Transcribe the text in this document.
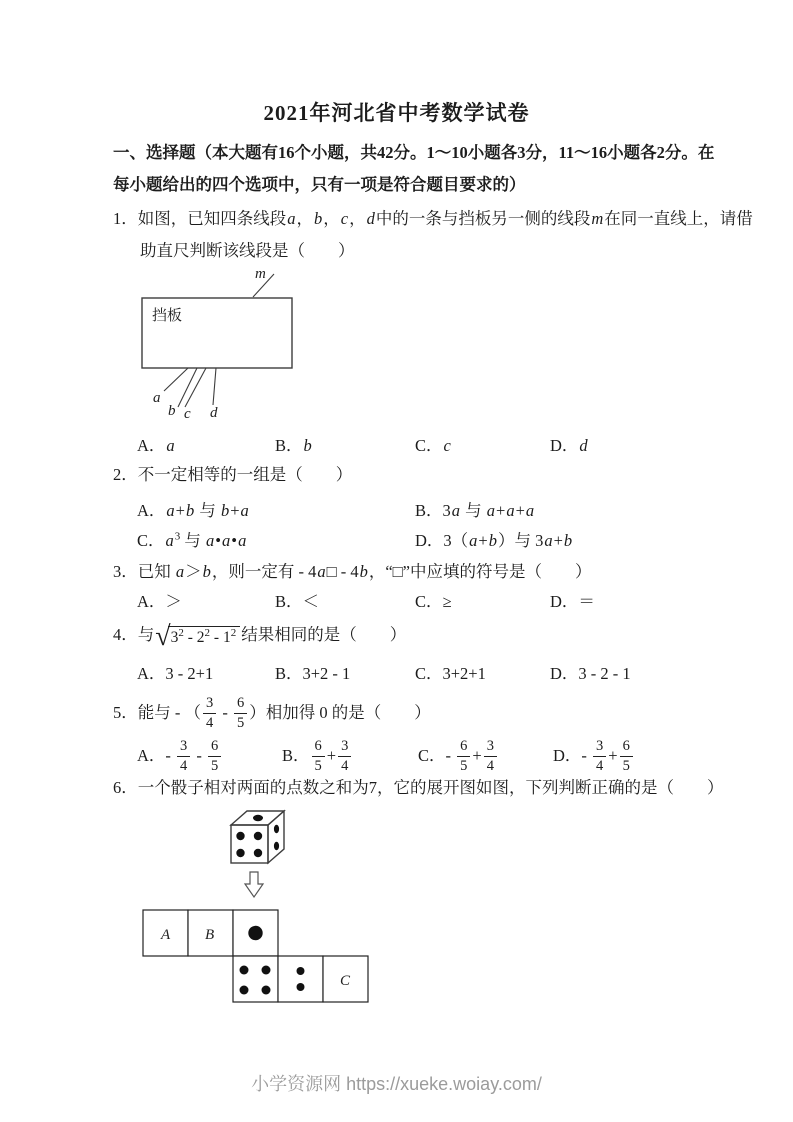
2021年河北省中考数学试卷
一、选择题（本大题有16个小题，共42分。1～10小题各3分，11～16小题各2分。在
每小题给出的四个选项中，只有一项是符合题目要求的）
1．如图，已知四条线段a，b，c，d中的一条与挡板另一侧的线段m在同一直线上，请借
助直尺判断该线段是（　　）
挡板
m
a
b c d
A．a	B．b	C．c	D．d
2．不一定相等的一组是（　　）
A．a+b 与 b+a	B．3a 与 a+a+a
C．$a^3$ 与 a•a•a	D．3（a+b）与 3a+b
3．已知 a＞b，则一定有 - 4a□ - 4b，“□”中应填的符号是（　　）
A．＞	B．＜	C．≥	D．＝
4．与$√3^2 - 2^2 - 1^2$ 结果相同的是（　　）
A．3 - 2+1	B．3+2 - 1	C．3+2+1	D．3 - 2 - 1
5．能与 - （ $\frac{3}{4} - \frac{6}{5}$ ）相加得 0 的是（　　）
A．- $\frac{3}{4} - \frac{6}{5}$	B． $\frac{6}{5} + \frac{3}{4}$	C．- $\frac{6}{5} + \frac{3}{4}$	D．- $\frac{3}{4} + \frac{6}{5}$
6．一个骰子相对两面的点数之和为7，它的展开图如图，下列判断正确的是（　　）
A B
C
小学资源网 https://xueke.woiay.com/
